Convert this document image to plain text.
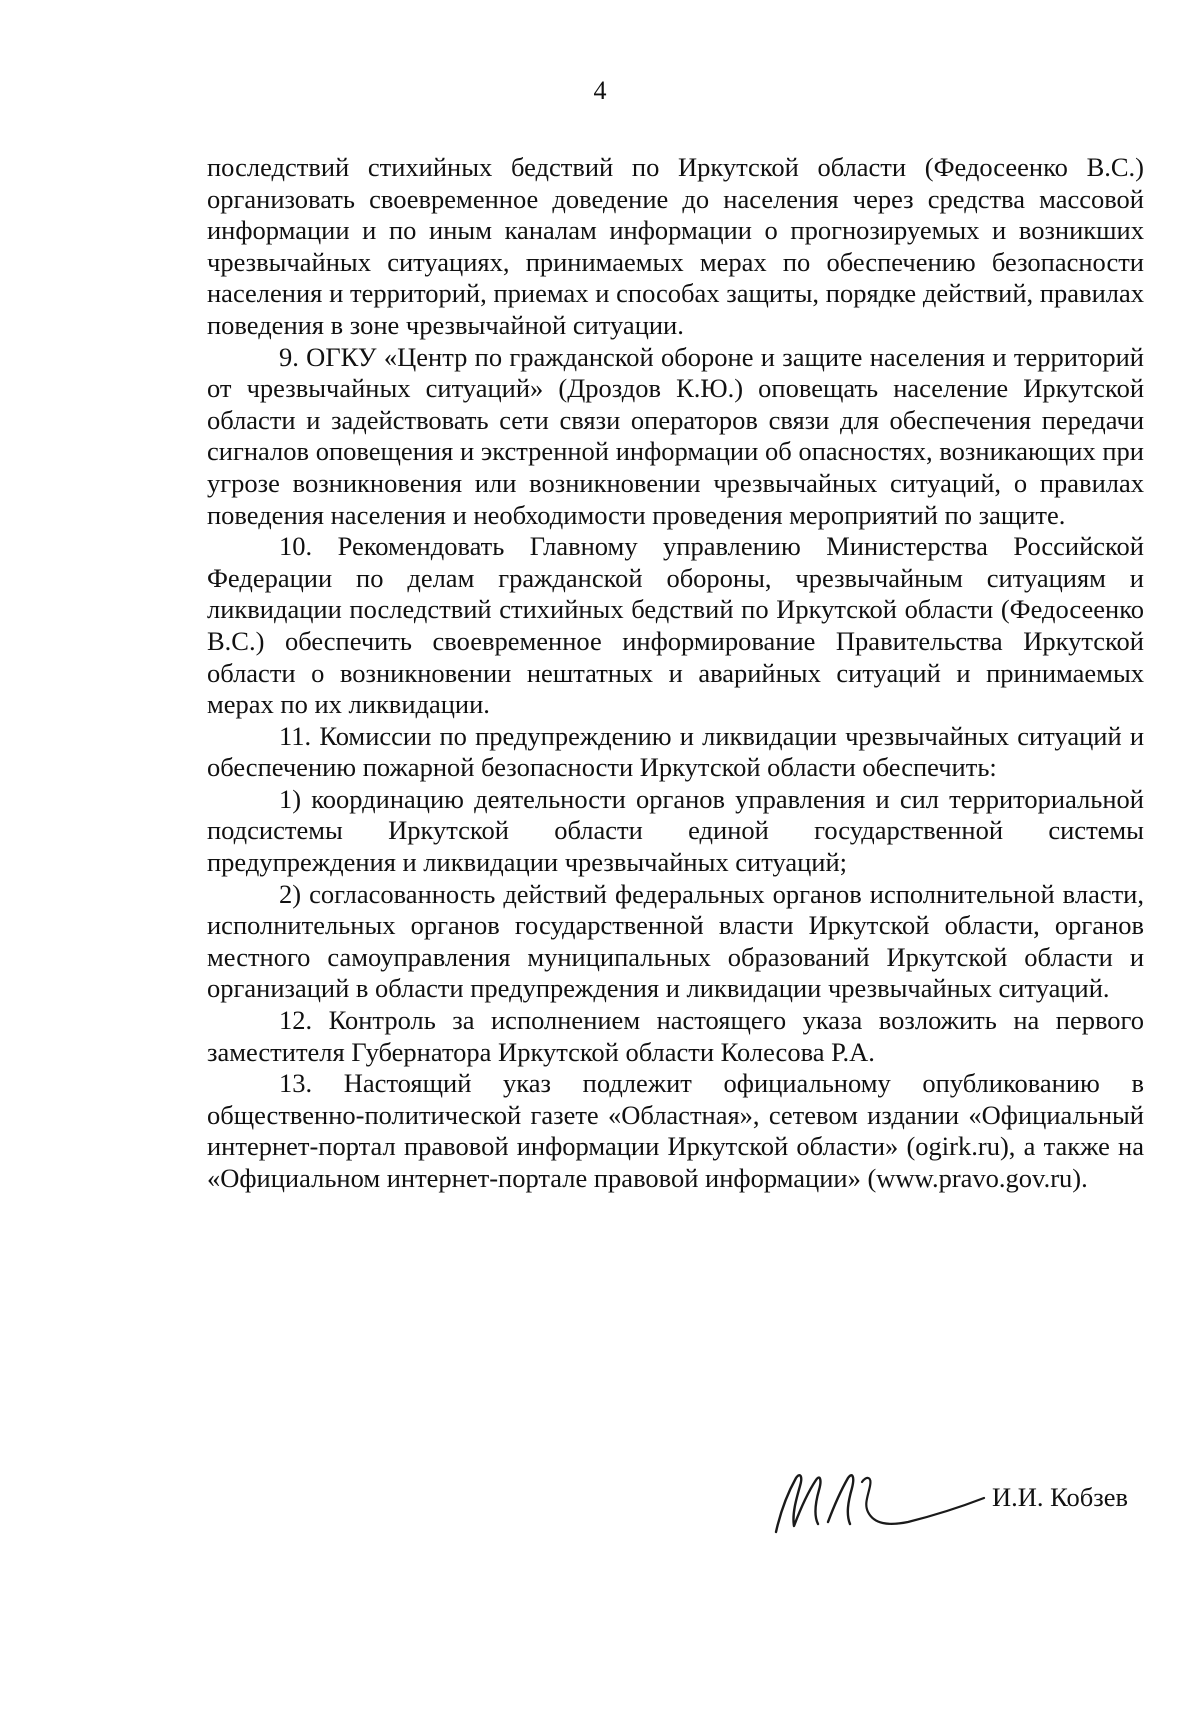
4

последствий стихийных бедствий по Иркутской области (Федосеенко В.С.) организовать своевременное доведение до населения через средства массовой информации и по иным каналам информации о прогнозируемых и возникших чрезвычайных ситуациях, принимаемых мерах по обеспечению безопасности населения и территорий, приемах и способах защиты, порядке действий, правилах поведения в зоне чрезвычайной ситуации.

9. ОГКУ «Центр по гражданской обороне и защите населения и территорий от чрезвычайных ситуаций» (Дроздов К.Ю.) оповещать население Иркутской области и задействовать сети связи операторов связи для обеспечения передачи сигналов оповещения и экстренной информации об опасностях, возникающих при угрозе возникновения или возникновении чрезвычайных ситуаций, о правилах поведения населения и необходимости проведения мероприятий по защите.

10. Рекомендовать Главному управлению Министерства Российской Федерации по делам гражданской обороны, чрезвычайным ситуациям и ликвидации последствий стихийных бедствий по Иркутской области (Федосеенко В.С.) обеспечить своевременное информирование Правительства Иркутской области о возникновении нештатных и аварийных ситуаций и принимаемых мерах по их ликвидации.

11. Комиссии по предупреждению и ликвидации чрезвычайных ситуаций и обеспечению пожарной безопасности Иркутской области обеспечить:

1) координацию деятельности органов управления и сил территориальной подсистемы Иркутской области единой государственной системы предупреждения и ликвидации чрезвычайных ситуаций;

2) согласованность действий федеральных органов исполнительной власти, исполнительных органов государственной власти Иркутской области, органов местного самоуправления муниципальных образований Иркутской области и организаций в области предупреждения и ликвидации чрезвычайных ситуаций.

12. Контроль за исполнением настоящего указа возложить на первого заместителя Губернатора Иркутской области Колесова Р.А.

13. Настоящий указ подлежит официальному опубликованию в общественно-политической газете «Областная», сетевом издании «Официальный интернет-портал правовой информации Иркутской области» (ogirk.ru), а также на «Официальном интернет-портале правовой информации» (www.pravo.gov.ru).

И.И. Кобзев
